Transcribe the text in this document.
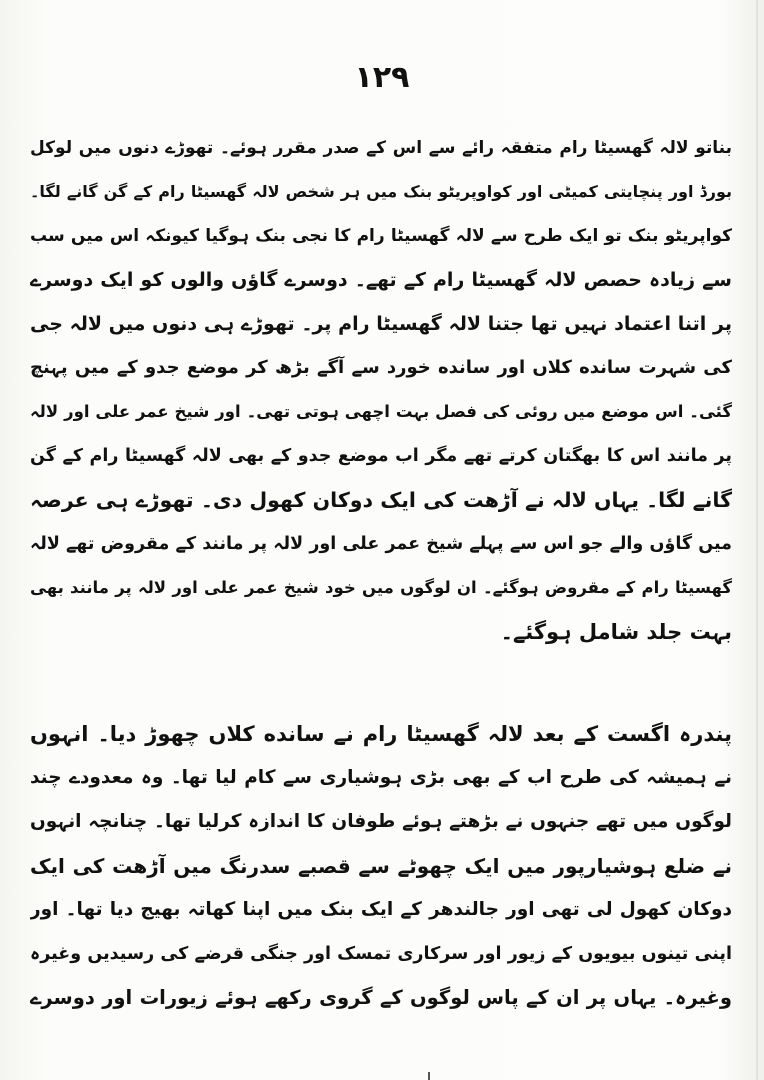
١٢٩
بناتو لالہ گھسیٹا رام متفقہ رائے سے اس کے صدر مقرر ہوئے۔ تھوڑے دنوں میں لوکل
بورڈ اور پنچایتی کمیٹی اور کواوپریٹو بنک میں ہر شخص لالہ گھسیٹا رام کے گن گانے لگا۔
کواپریٹو بنک تو ایک طرح سے لالہ گھسیٹا رام کا نجی بنک ہوگیا کیونکہ اس میں سب
سے زیادہ حصص لالہ گھسیٹا رام کے تھے۔ دوسرے گاؤں والوں کو ایک دوسرے
پر اتنا اعتماد نہیں تھا جتنا لالہ گھسیٹا رام پر۔ تھوڑے ہی دنوں میں لالہ جی
کی شہرت سانده کلاں اور سانده خورد سے آگے بڑھ کر موضع جدو کے میں پہنچ
گئی۔ اس موضع میں روئی کی فصل بہت اچھی ہوتی تھی۔ اور شیخ عمر علی اور لالہ
پر مانند اس کا بھگتان کرتے تھے مگر اب موضع جدو کے بھی لالہ گھسیٹا رام کے گن
گانے لگا۔ یہاں لالہ نے آڑھت کی ایک دوکان کھول دی۔ تھوڑے ہی عرصہ
میں گاؤں والے جو اس سے پہلے شیخ عمر علی اور لالہ پر مانند کے مقروض تھے لالہ
گھسیٹا رام کے مقروض ہوگئے۔ ان لوگوں میں خود شیخ عمر علی اور لالہ پر مانند بھی
بہت جلد شامل ہوگئے۔
پندرہ اگست کے بعد لالہ گھسیٹا رام نے سانده کلاں چھوڑ دیا۔ انہوں
نے ہمیشہ کی طرح اب کے بھی بڑی ہوشیاری سے کام لیا تھا۔ وہ معدودے چند
لوگوں میں تھے جنہوں نے بڑھتے ہوئے طوفان کا اندازہ کرلیا تھا۔ چنانچہ انہوں
نے ضلع ہوشیارپور میں ایک چھوٹے سے قصبے سدرنگ میں آڑھت کی ایک
دوکان کھول لی تھی اور جالندھر کے ایک بنک میں اپنا کھاتہ بھیج دیا تھا۔ اور
اپنی تینوں بیویوں کے زیور اور سرکاری تمسک اور جنگی قرضے کی رسیدیں وغیرہ
وغیرہ۔ یہاں پر ان کے پاس لوگوں کے گروی رکھے ہوئے زیورات اور دوسرے
